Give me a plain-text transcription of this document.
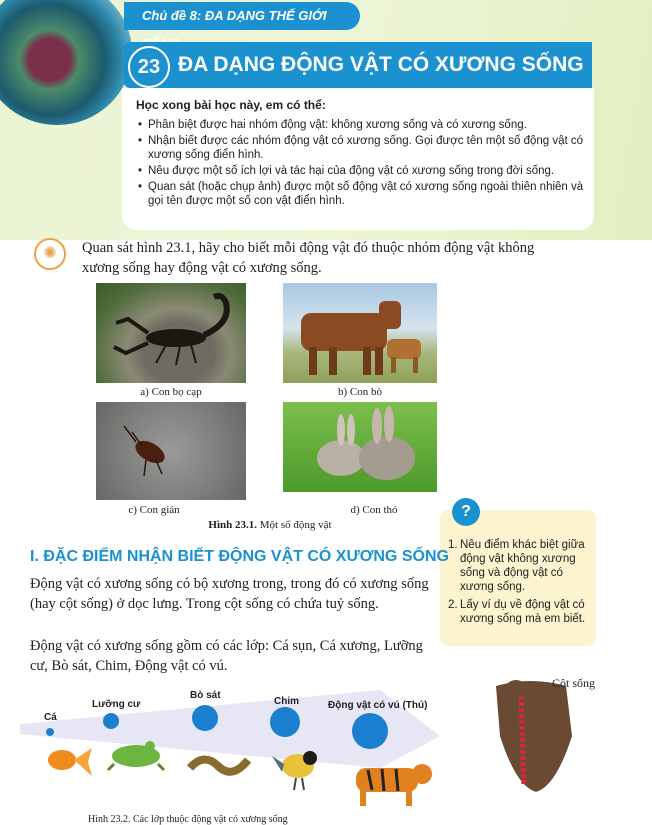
Chủ đề 8: ĐA DẠNG THẾ GIỚI
23 ĐA DẠNG ĐỘNG VẬT CÓ XƯƠNG SỐNG
Học xong bài học này, em có thể:
• Phân biệt được hai nhóm động vật: không xương sống và có xương sống.
• Nhận biết được các nhóm động vật có xương sống. Gọi được tên một số động vật có xương sống điển hình.
• Nêu được một số ích lợi và tác hại của động vật có xương sống trong đời sống.
• Quan sát (hoặc chụp ảnh) được một số động vật có xương sống ngoài thiên nhiên và gọi tên được một số con vật điển hình.
✺	Quan sát hình 23.1, hãy cho biết mỗi động vật đó thuộc nhóm động vật không xương sống hay động vật có xương sống.
a) Con bọ cạp	b) Con bò
c) Con gián	d) Con thỏ
Hình 23.1. Một số động vật
1. Nêu điểm khác biệt giữa động vật không xương sống và động vật có xương sống.
2. Lấy ví dụ về động vật có xương sống mà em biết.
?
I. ĐẶC ĐIỂM NHẬN BIẾT ĐỘNG VẬT CÓ XƯƠNG SỐNG
Động vật có xương sống có bộ xương trong, trong đó có xương sống (hay cột sống) ở dọc lưng. Trong cột sống có chứa tuỷ sống.
Động vật có xương sống gồm có các lớp: Cá sụn, Cá xương, Lưỡng cư, Bò sát, Chim, Động vật có vú.
Cá
Lưỡng cư
Bò sát
Chim	Động vật có vú (Thú)
Cột sống
Hình 23.2. Các lớp thuộc động vật có xương sống
